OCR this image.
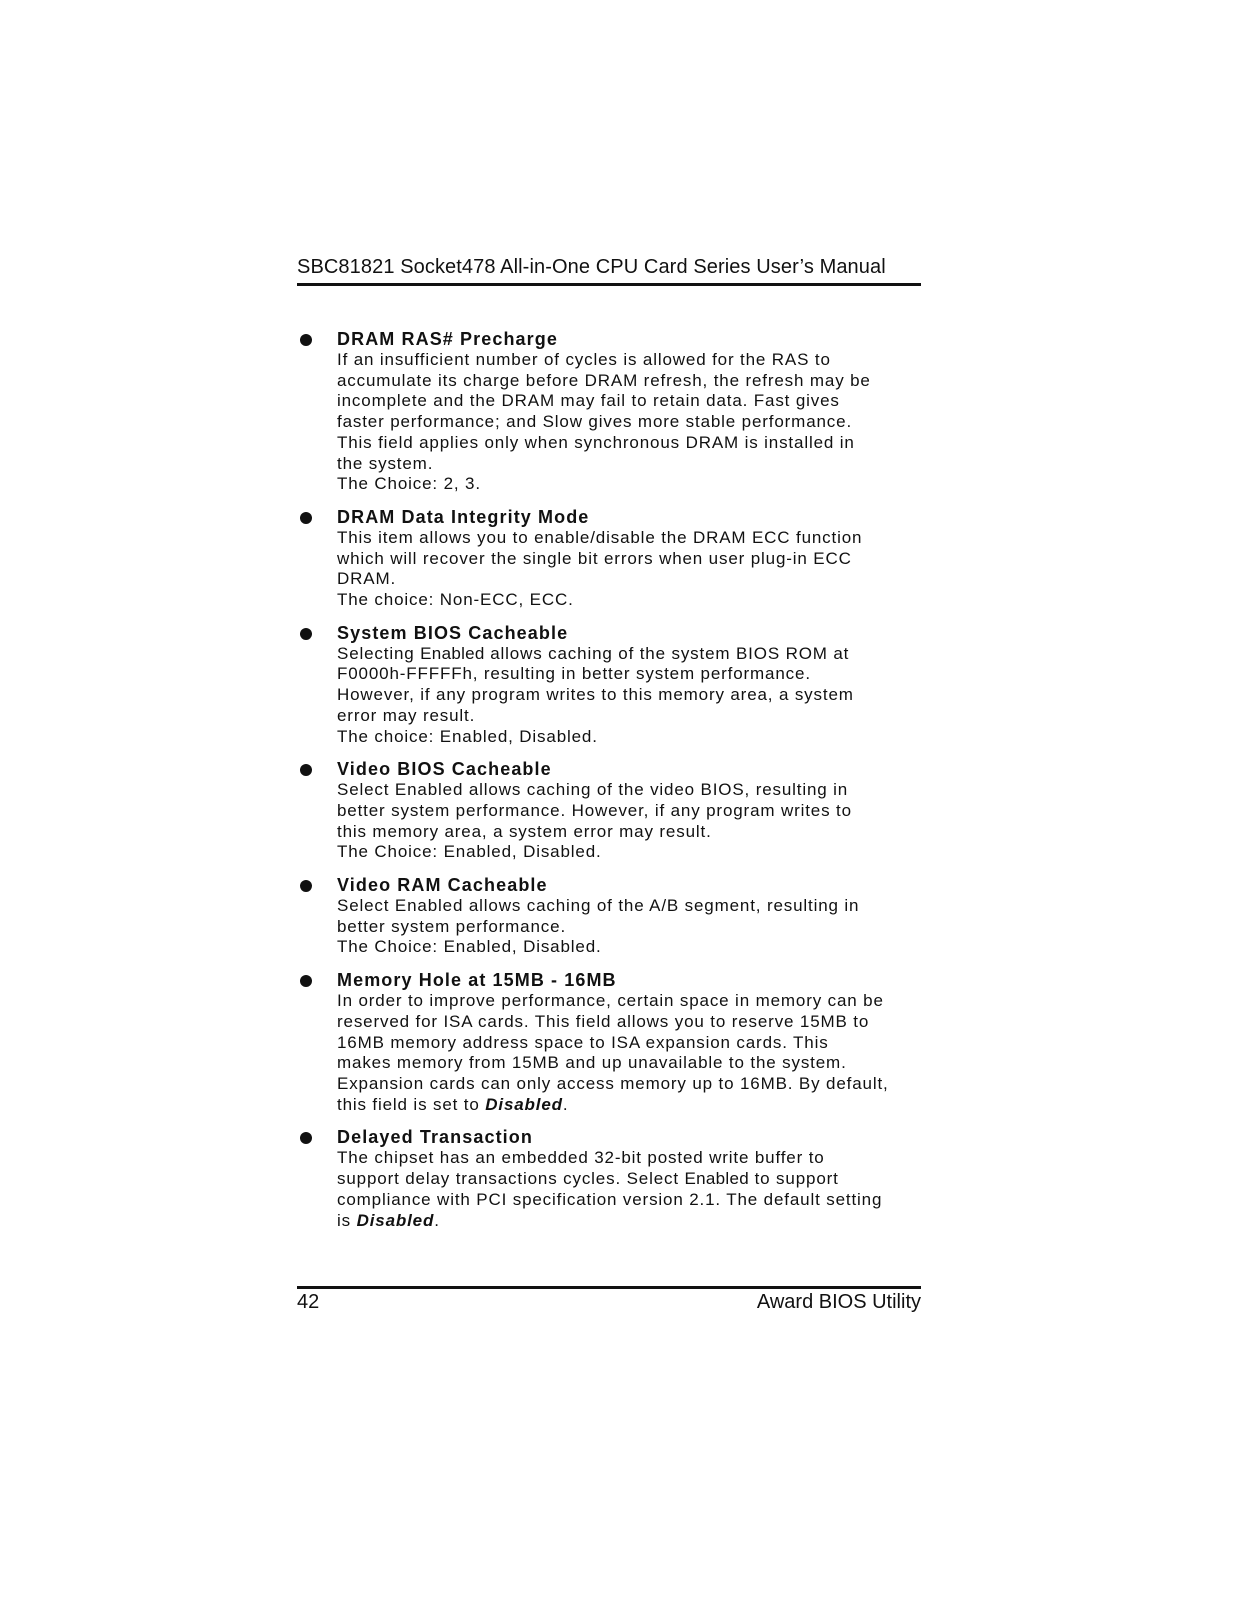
SBC81821 Socket478 All-in-One CPU Card Series User’s Manual
DRAM RAS# Precharge
If an insufficient number of cycles is allowed for the RAS to
accumulate its charge before DRAM refresh, the refresh may be
incomplete and the DRAM may fail to retain data. Fast gives
faster performance; and Slow gives more stable performance.
This field applies only when synchronous DRAM is installed in
the system.
The Choice: 2, 3.
DRAM Data Integrity Mode
This item allows you to enable/disable the DRAM ECC function
which will recover the single bit errors when user plug-in ECC
DRAM.
The choice: Non-ECC, ECC.
System BIOS Cacheable
Selecting Enabled allows caching of the system BIOS ROM at
F0000h-FFFFFh, resulting in better system performance.
However, if any program writes to this memory area, a system
error may result.
The choice: Enabled, Disabled.
Video BIOS Cacheable
Select Enabled allows caching of the video BIOS, resulting in
better system performance. However, if any program writes to
this memory area, a system error may result.
The Choice: Enabled, Disabled.
Video RAM Cacheable
Select Enabled allows caching of the A/B segment, resulting in
better system performance.
The Choice: Enabled, Disabled.
Memory Hole at 15MB - 16MB
In order to improve performance, certain space in memory can be
reserved for ISA cards. This field allows you to reserve 15MB to
16MB memory address space to ISA expansion cards. This
makes memory from 15MB and up unavailable to the system.
Expansion cards can only access memory up to 16MB. By default,
this field is set to Disabled.
Delayed Transaction
The chipset has an embedded 32-bit posted write buffer to
support delay transactions cycles. Select Enabled to support
compliance with PCI specification version 2.1. The default setting
is Disabled.
42	Award BIOS Utility
